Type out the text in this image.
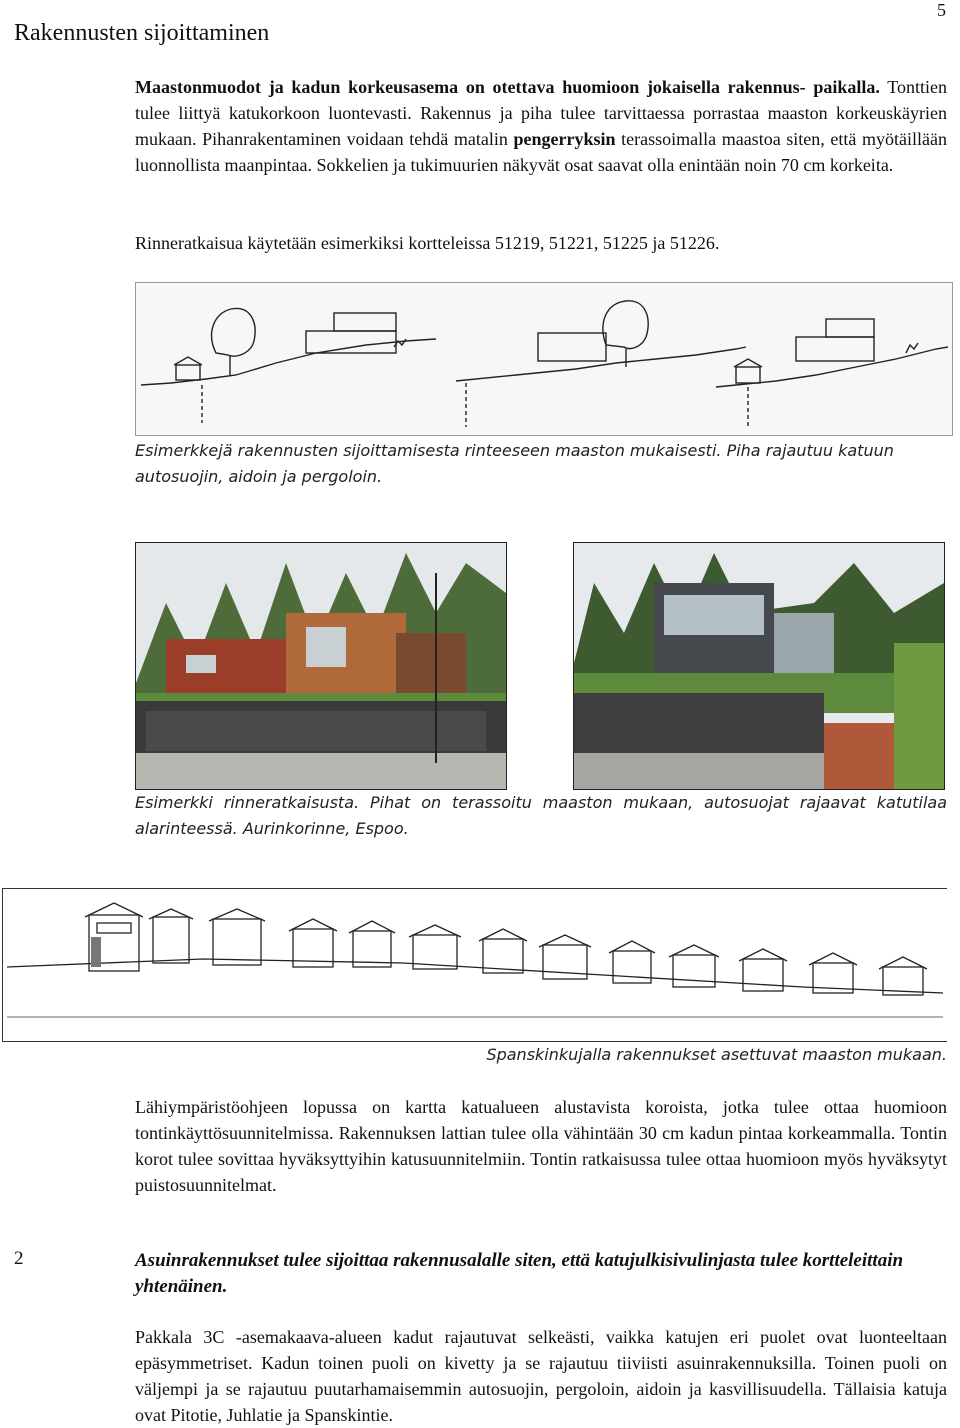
Rakennusten sijoittaminen
5
Maastonmuodot ja kadun korkeusasema on otettava huomioon jokaisella rakennus- paikalla. Tonttien tulee liittyä katukorkoon luontevasti. Rakennus ja piha tulee tarvittaessa porrastaa maaston korkeuskäyrien mukaan. Pihanrakentaminen voidaan tehdä matalin pengerryksin terassoimalla maastoa siten, että myötäillään luonnollista maanpintaa. Sokkelien ja tukimuurien näkyvät osat saavat olla enintään noin 70 cm korkeita.
Rinneratkaisua käytetään esimerkiksi kortteleissa 51219, 51221, 51225 ja 51226.
Esimerkkejä rakennusten sijoittamisesta rinteeseen maaston mukaisesti. Piha rajautuu katuun autosuojin, aidoin ja pergoloin.
Esimerkki rinneratkaisusta. Pihat on terassoitu maaston mukaan, autosuojat rajaavat katutilaa alarinteessä. Aurinkorinne, Espoo.
Spanskinkujalla rakennukset asettuvat maaston mukaan.
Lähiympäristöohjeen lopussa on kartta katualueen alustavista koroista, jotka tulee ottaa huomioon tontinkäyttösuunnitelmissa. Rakennuksen lattian tulee olla vähintään 30 cm kadun pintaa korkeammalla. Tontin korot tulee sovittaa hyväksyttyihin katusuunnitelmiin. Tontin ratkaisussa tulee ottaa huomioon myös hyväksytyt puistosuunnitelmat.
2	Asuinrakennukset tulee sijoittaa rakennusalalle siten, että katujulkisivulinjasta tulee kortteleittain yhtenäinen.
Pakkala 3C -asemakaava-alueen kadut rajautuvat selkeästi, vaikka katujen eri puolet ovat luonteeltaan epäsymmetriset. Kadun toinen puoli on kivetty ja se rajautuu tiiviisti asuinrakennuksilla. Toinen puoli on väljempi ja se rajautuu puutarhamaisemmin autosuojin, pergoloin, aidoin ja kasvillisuudella. Tällaisia katuja ovat Pitotie, Juhlatie ja Spanskintie.
